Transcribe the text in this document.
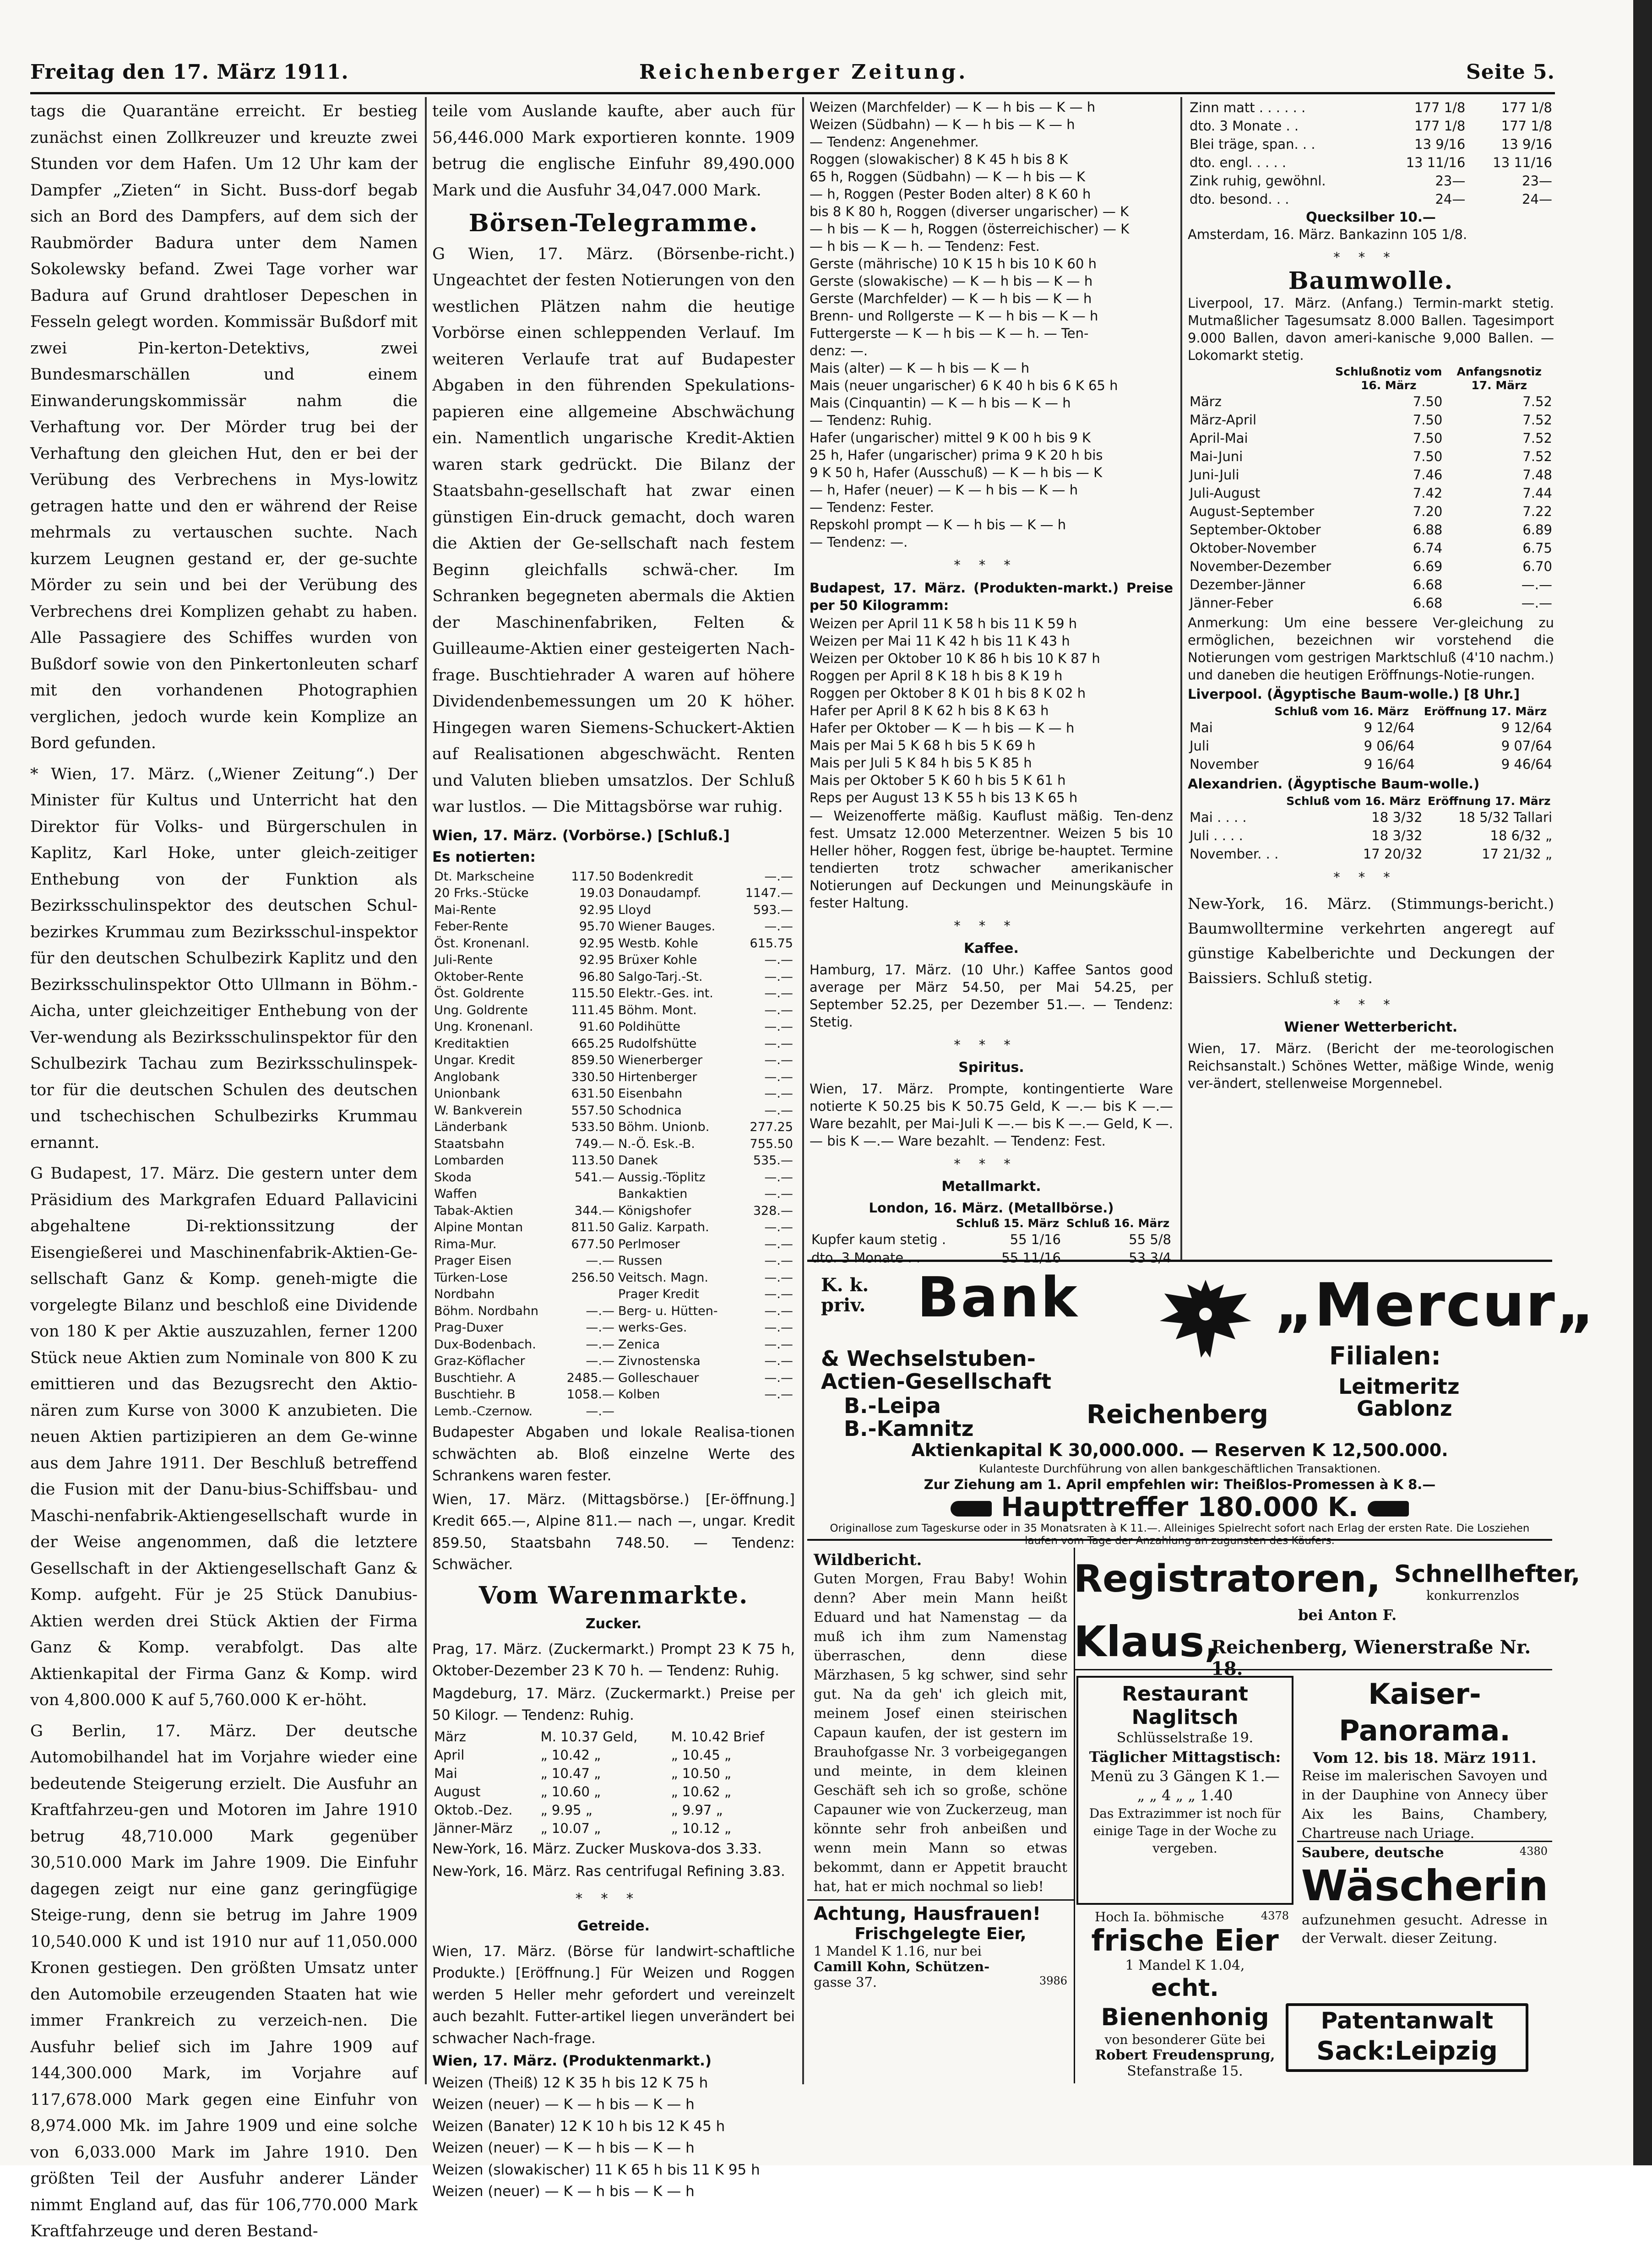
Freitag den 17. März 1911.	Reichenberger Zeitung.	Seite 5.

tags die Quarantäne erreicht. Er bestieg zunächst einen Zollkreuzer und kreuzte zwei Stunden vor dem Hafen. Um 12 Uhr kam der Dampfer „Zieten“ in Sicht. Buss-dorf begab sich an Bord des Dampfers, auf dem sich der Raubmörder Badura unter dem Namen Sokolewsky befand. Zwei Tage vorher war Badura auf Grund drahtloser Depeschen in Fesseln gelegt worden. Kommissär Bußdorf mit zwei Pin-kerton-Detektivs, zwei Bundesmarschällen und einem Einwanderungskommissär nahm die Verhaftung vor. Der Mörder trug bei der Verhaftung den gleichen Hut, den er bei der Verübung des Verbrechens in Mys-lowitz getragen hatte und den er während der Reise mehrmals zu vertauschen suchte. Nach kurzem Leugnen gestand er, der ge-suchte Mörder zu sein und bei der Verübung des Verbrechens drei Komplizen gehabt zu haben. Alle Passagiere des Schiffes wurden von Bußdorf sowie von den Pinkertonleuten scharf mit den vorhandenen Photographien verglichen, jedoch wurde kein Komplize an Bord gefunden.

* Wien, 17. März. („Wiener Zeitung“.) Der Minister für Kultus und Unterricht hat den Direktor für Volks- und Bürgerschulen in Kaplitz, Karl Hoke, unter gleich-zeitiger Enthebung von der Funktion als Bezirksschulinspektor des deutschen Schul-bezirkes Krummau zum Bezirksschul-inspektor für den deutschen Schulbezirk Kaplitz und den Bezirksschulinspektor Otto Ullmann in Böhm.-Aicha, unter gleichzeitiger Enthebung von der Ver-wendung als Bezirksschulinspektor für den Schulbezirk Tachau zum Bezirksschulinspek-tor für die deutschen Schulen des deutschen und tschechischen Schulbezirks Krummau ernannt.

G Budapest, 17. März. Die gestern unter dem Präsidium des Markgrafen Eduard Pallavicini abgehaltene Di-rektionssitzung der Eisengießerei und Maschinenfabrik-Aktien-Ge-sellschaft Ganz & Komp. geneh-migte die vorgelegte Bilanz und beschloß eine Dividende von 180 K per Aktie auszuzahlen, ferner 1200 Stück neue Aktien zum Nominale von 800 K zu emittieren und das Bezugsrecht den Aktio-nären zum Kurse von 3000 K anzubieten. Die neuen Aktien partizipieren an dem Ge-winne aus dem Jahre 1911. Der Beschluß betreffend die Fusion mit der Danu-bius-Schiffsbau- und Maschi-nenfabrik-Aktiengesellschaft wurde in der Weise angenommen, daß die letztere Gesellschaft in der Aktiengesellschaft Ganz & Komp. aufgeht. Für je 25 Stück Danubius-Aktien werden drei Stück Aktien der Firma Ganz & Komp. verabfolgt. Das alte Aktienkapital der Firma Ganz & Komp. wird von 4,800.000 K auf 5,760.000 K er-höht.

G Berlin, 17. März. Der deutsche Automobilhandel hat im Vorjahre wieder eine bedeutende Steigerung erzielt. Die Ausfuhr an Kraftfahrzeu-gen und Motoren im Jahre 1910 betrug 48,710.000 Mark gegenüber 30,510.000 Mark im Jahre 1909. Die Einfuhr dagegen zeigt nur eine ganz geringfügige Steige-rung, denn sie betrug im Jahre 1909 10,540.000 K und ist 1910 nur auf 11,050.000 Kronen gestiegen. Den größten Umsatz unter den Automobile erzeugenden Staaten hat wie immer Frankreich zu verzeich-nen. Die Ausfuhr belief sich im Jahre 1909 auf 144,300.000 Mark, im Vorjahre auf 117,678.000 Mark gegen eine Einfuhr von 8,974.000 Mk. im Jahre 1909 und eine solche von 6,033.000 Mark im Jahre 1910. Den größten Teil der Ausfuhr anderer Länder nimmt England auf, das für 106,770.000 Mark Kraftfahrzeuge und deren Bestand-

teile vom Auslande kaufte, aber auch für 56,446.000 Mark exportieren konnte. 1909 betrug die englische Einfuhr 89,490.000 Mark und die Ausfuhr 34,047.000 Mark.

Börsen-Telegramme.

G Wien, 17. März. (Börsenbe-richt.) Ungeachtet der festen Notierungen von den westlichen Plätzen nahm die heutige Vorbörse einen schleppenden Verlauf. Im weiteren Verlaufe trat auf Budapester Abgaben in den führenden Spekulations-papieren eine allgemeine Abschwächung ein. Namentlich ungarische Kredit-Aktien waren stark gedrückt. Die Bilanz der Staatsbahn-gesellschaft hat zwar einen günstigen Ein-druck gemacht, doch waren die Aktien der Ge-sellschaft nach festem Beginn gleichfalls schwä-cher. Im Schranken begegneten abermals die Aktien der Maschinenfabriken, Felten & Guilleaume-Aktien einer gesteigerten Nach-frage. Buschtiehrader A waren auf höhere Dividendenbemessungen um 20 K höher. Hingegen waren Siemens-Schuckert-Aktien auf Realisationen abgeschwächt. Renten und Valuten blieben umsatzlos. Der Schluß war lustlos. — Die Mittagsbörse war ruhig.

Wien, 17. März. (Vorbörse.) [Schluß.]

Es notierten:

Dt. Markscheine	117.50	Bodenkredit	—.—
20 Frks.-Stücke	19.03	Donaudampf.	1147.—
Mai-Rente	92.95	Lloyd	593.—
Feber-Rente	95.70	Wiener Bauges.	—.—
Öst. Kronenanl.	92.95	Westb. Kohle	615.75
Juli-Rente	92.95	Brüxer Kohle	—.—
Oktober-Rente	96.80	Salgo-Tarj.-St.	—.—
Öst. Goldrente	115.50	Elektr.-Ges. int.	—.—
Ung. Goldrente	111.45	Böhm. Mont.	—.—
Ung. Kronenanl.	91.60	Poldihütte	—.—
Kreditaktien	665.25	Rudolfshütte	—.—
Ungar. Kredit	859.50	Wienerberger	—.—
Anglobank	330.50	Hirtenberger	—.—
Unionbank	631.50	Eisenbahn	—.—
W. Bankverein	557.50	Schodnica	—.—
Länderbank	533.50	Böhm. Unionb.	277.25
Staatsbahn	749.—	N.-Ö. Esk.-B.	755.50
Lombarden	113.50	Danek	535.—
Skoda	541.—	Aussig.-Töplitz	—.—
Waffen		Bankaktien	—.—
Tabak-Aktien	344.—	Königshofer	328.—
Alpine Montan	811.50	Galiz. Karpath.	—.—
Rima-Mur.	677.50	Perlmoser	—.—
Prager Eisen	—.—	Russen	—.—
Türken-Lose	256.50	Veitsch. Magn.	—.—
Nordbahn		Prager Kredit	—.—
Böhm. Nordbahn	—.—	Berg- u. Hütten-	—.—
Prag-Duxer	—.—	werks-Ges.	—.—
Dux-Bodenbach.	—.—	Zenica	—.—
Graz-Köflacher	—.—	Zivnostenska	—.—
Buschtiehr. A	2485.—	Golleschauer	—.—
Buschtiehr. B	1058.—	Kolben	—.—
Lemb.-Czernow.	—.—		

Budapester Abgaben und lokale Realisa-tionen schwächten ab. Bloß einzelne Werte des Schrankens waren fester.

Wien, 17. März. (Mittagsbörse.) [Er-öffnung.] Kredit 665.—, Alpine 811.— nach —, ungar. Kredit 859.50, Staatsbahn 748.50. — Tendenz: Schwächer.

Vom Warenmarkte.
Zucker.

Prag, 17. März. (Zuckermarkt.) Prompt 23 K 75 h, Oktober-Dezember 23 K 70 h. — Tendenz: Ruhig.

Magdeburg, 17. März. (Zuckermarkt.) Preise per 50 Kilogr. — Tendenz: Ruhig.

März	M. 10.37 Geld,	M. 10.42 Brief
April	„ 10.42 „	„ 10.45 „
Mai	„ 10.47 „	„ 10.50 „
August	„ 10.60 „	„ 10.62 „
Oktob.-Dez.	„ 9.95 „	„ 9.97 „
Jänner-März	„ 10.07 „	„ 10.12 „

New-York, 16. März. Zucker Muskova-dos 3.33.

New-York, 16. März. Ras centrifugal Refining 3.83.

***
Getreide.

Wien, 17. März. (Börse für landwirt-schaftliche Produkte.) [Eröffnung.] Für Weizen und Roggen werden 5 Heller mehr gefordert und vereinzelt auch bezahlt. Futter-artikel liegen unverändert bei schwacher Nach-frage.

Wien, 17. März. (Produktenmarkt.)

Weizen (Theiß) 12 K 35 h bis 12 K 75 h

Weizen (neuer) — K — h bis — K — h

Weizen (Banater) 12 K 10 h bis 12 K 45 h

Weizen (neuer) — K — h bis — K — h

Weizen (slowakischer) 11 K 65 h bis 11 K 95 h

Weizen (neuer) — K — h bis — K — h

Weizen (Marchfelder) — K — h bis — K — h

Weizen (Südbahn) — K — h bis — K — h

— Tendenz: Angenehmer.

Roggen (slowakischer) 8 K 45 h bis 8 K

65 h, Roggen (Südbahn) — K — h bis — K

— h, Roggen (Pester Boden alter) 8 K 60 h

bis 8 K 80 h, Roggen (diverser ungarischer) — K

— h bis — K — h, Roggen (österreichischer) — K

— h bis — K — h. — Tendenz: Fest.

Gerste (mährische) 10 K 15 h bis 10 K 60 h

Gerste (slowakische) — K — h bis — K — h

Gerste (Marchfelder) — K — h bis — K — h

Brenn- und Rollgerste — K — h bis — K — h

Futtergerste — K — h bis — K — h. — Ten-

denz: —.

Mais (alter) — K — h bis — K — h

Mais (neuer ungarischer) 6 K 40 h bis 6 K 65 h

Mais (Cinquantin) — K — h bis — K — h

— Tendenz: Ruhig.

Hafer (ungarischer) mittel 9 K 00 h bis 9 K

25 h, Hafer (ungarischer) prima 9 K 20 h bis

9 K 50 h, Hafer (Ausschuß) — K — h bis — K

— h, Hafer (neuer) — K — h bis — K — h

— Tendenz: Fester.

Repskohl prompt — K — h bis — K — h

— Tendenz: —.

***

Budapest, 17. März. (Produkten-markt.) Preise per 50 Kilogramm:

Weizen per April 11 K 58 h bis 11 K 59 h

Weizen per Mai 11 K 42 h bis 11 K 43 h

Weizen per Oktober 10 K 86 h bis 10 K 87 h

Roggen per April 8 K 18 h bis 8 K 19 h

Roggen per Oktober 8 K 01 h bis 8 K 02 h

Hafer per April 8 K 62 h bis 8 K 63 h

Hafer per Oktober — K — h bis — K — h

Mais per Mai 5 K 68 h bis 5 K 69 h

Mais per Juli 5 K 84 h bis 5 K 85 h

Mais per Oktober 5 K 60 h bis 5 K 61 h

Reps per August 13 K 55 h bis 13 K 65 h

— Weizenofferte mäßig. Kauflust mäßig. Ten-denz fest. Umsatz 12.000 Meterzentner. Weizen 5 bis 10 Heller höher, Roggen fest, übrige be-hauptet. Termine tendierten trotz schwacher amerikanischer Notierungen auf Deckungen und Meinungskäufe in fester Haltung.

***
Kaffee.

Hamburg, 17. März. (10 Uhr.) Kaffee Santos good average per März 54.50, per Mai 54.25, per September 52.25, per Dezember 51.—. — Tendenz: Stetig.

***
Spiritus.

Wien, 17. März. Prompte, kontingentierte Ware notierte K 50.25 bis K 50.75 Geld, K —.— bis K —.— Ware bezahlt, per Mai-Juli K —.— bis K —.— Geld, K —.— bis K —.— Ware bezahlt. — Tendenz: Fest.

***
Metallmarkt.

London, 16. März. (Metallbörse.)

	Schluß 15. März	Schluß 16. März
Kupfer kaum stetig .	55 1/16	55 5/8
dto. 3 Monate . .	55 11/16	53 3/4
Zinn matt . . . . . .	177 1/8	177 1/8
dto. 3 Monate . .	177 1/8	177 1/8
Blei träge, span. . .	13 9/16	13 9/16
dto. engl. . . . .	13 11/16	13 11/16
Zink ruhig, gewöhnl.	23—	23—
dto. besond. . .	24—	24—

Quecksilber 10.—

Amsterdam, 16. März. Bankazinn 105 1/8.

***
Baumwolle.

Liverpool, 17. März. (Anfang.) Termin-markt stetig. Mutmaßlicher Tagesumsatz 8.000 Ballen. Tagesimport 9.000 Ballen, davon ameri-kanische 9,000 Ballen. — Lokomarkt stetig.

	Schlußnotiz vom 16. März	Anfangsnotiz 17. März
März	7.50	7.52
März-April	7.50	7.52
April-Mai	7.50	7.52
Mai-Juni	7.50	7.52
Juni-Juli	7.46	7.48
Juli-August	7.42	7.44
August-September	7.20	7.22
September-Oktober	6.88	6.89
Oktober-November	6.74	6.75
November-Dezember	6.69	6.70
Dezember-Jänner	6.68	—.—
Jänner-Feber	6.68	—.—

Anmerkung: Um eine bessere Ver-gleichung zu ermöglichen, bezeichnen wir vorstehend die Notierungen vom gestrigen Marktschluß (4'10 nachm.) und daneben die heutigen Eröffnungs-Notie-rungen.

Liverpool. (Ägyptische Baum-wolle.) [8 Uhr.]

	Schluß vom 16. März	Eröffnung 17. März
Mai	9 12/64	9 12/64
Juli	9 06/64	9 07/64
November	9 16/64	9 46/64

Alexandrien. (Ägyptische Baum-wolle.)

	Schluß vom 16. März	Eröffnung 17. März
Mai . . . .	18 3/32	18 5/32 Tallari
Juli . . . .	18 3/32	18 6/32 „
November. . .	17 20/32	17 21/32 „
***

New-York, 16. März. (Stimmungs-bericht.) Baumwolltermine verkehrten angeregt auf günstige Kabelberichte und Deckungen der Baissiers. Schluß stetig.

***
Wiener Wetterbericht.

Wien, 17. März. (Bericht der me-teorologischen Reichsanstalt.) Schönes Wetter, mäßige Winde, wenig ver-ändert, stellenweise Morgennebel.

K. k.
priv. Bank	„Mercur„
& Wechselstuben-
Actien-Gesellschaft
Filialen:
B.-Leipa
B.-Kamnitz	Reichenberg
Leitmeritz
Gablonz
Aktienkapital K 30,000.000. — Reserven K 12,500.000.
Kulanteste Durchführung von allen bankgeschäftlichen Transaktionen.
Zur Ziehung am 1. April empfehlen wir: Theißlos-Promessen à K 8.—
Haupttreffer 180.000 K.
Originallose zum Tageskurse oder in 35 Monatsraten à K 11.—. Alleiniges Spielrecht sofort nach Erlag der ersten Rate. Die Losziehen laufen vom Tage der Anzahlung an zugunsten des Käufers.
Wildbericht.
Guten Morgen, Frau Baby! Wohin denn? Aber mein Mann heißt Eduard und hat Namenstag — da muß ich ihm zum Namenstag überraschen, denn diese Märzhasen, 5 kg schwer, sind sehr gut. Na da geh' ich gleich mit, meinem Josef einen steirischen Capaun kaufen, der ist gestern im Brauhofgasse Nr. 3 vorbeigegangen und meinte, in dem kleinen Geschäft seh ich so große, schöne Capauner wie von Zuckerzeug, man könnte sehr froh anbeißen und wenn mein Mann so etwas bekommt, dann er Appetit braucht hat, hat er mich nochmal so lieb!
Achtung, Hausfrauen!
Frischgelegte Eier,
1 Mandel K 1.16, nur bei
Camill Kohn, Schützen-
gasse 37.	3986
Registratoren, Schnellhefter,
konkurrenzlos
bei Anton F.
Klaus,
Reichenberg, Wienerstraße Nr. 18.
Restaurant Naglitsch
Schlüsselstraße 19.
Täglicher Mittagstisch:
Menü zu 3 Gängen K 1.—
„ „ 4 „ „ 1.40
Das Extrazimmer ist noch für einige Tage in der Woche zu vergeben.
Kaiser-Panorama.
Vom 12. bis 18. März 1911.
Reise im malerischen Savoyen und in der Dauphine von Annecy über Aix les Bains, Chambery, Chartreuse nach Uriage.
Hoch Ia. böhmische	4378
frische Eier
1 Mandel K 1.04,
echt. Bienenhonig
von besonderer Güte bei
Robert Freudensprung,
Stefanstraße 15.
Saubere, deutsche	4380
Wäscherin
aufzunehmen gesucht. Adresse in der Verwalt. dieser Zeitung.
Patentanwalt
Sack:Leipzig
